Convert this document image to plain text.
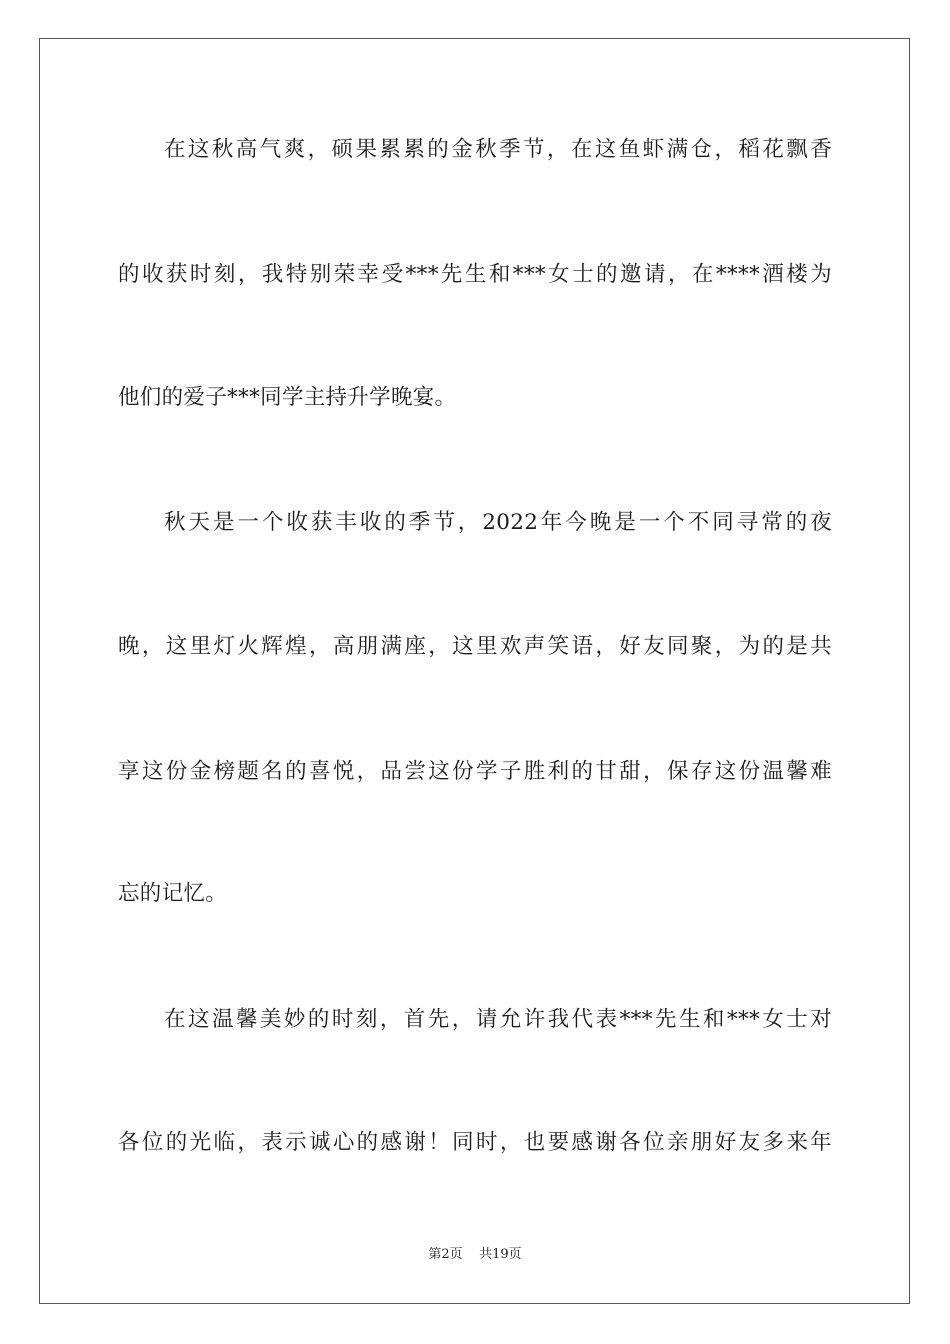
在这秋高气爽，硕果累累的金秋季节，在这鱼虾满仓，稻花飘香
的收获时刻，我特别荣幸受***先生和***女士的邀请，在****酒楼为
他们的爱子***同学主持升学晚宴。
秋天是一个收获丰收的季节，2022年今晚是一个不同寻常的夜
晚，这里灯火辉煌，高朋满座，这里欢声笑语，好友同聚，为的是共
享这份金榜题名的喜悦，品尝这份学子胜利的甘甜，保存这份温馨难
忘的记忆。
在这温馨美妙的时刻，首先，请允许我代表***先生和***女士对
各位的光临，表示诚心的感谢！同时，也要感谢各位亲朋好友多来年
第2页 共19页
